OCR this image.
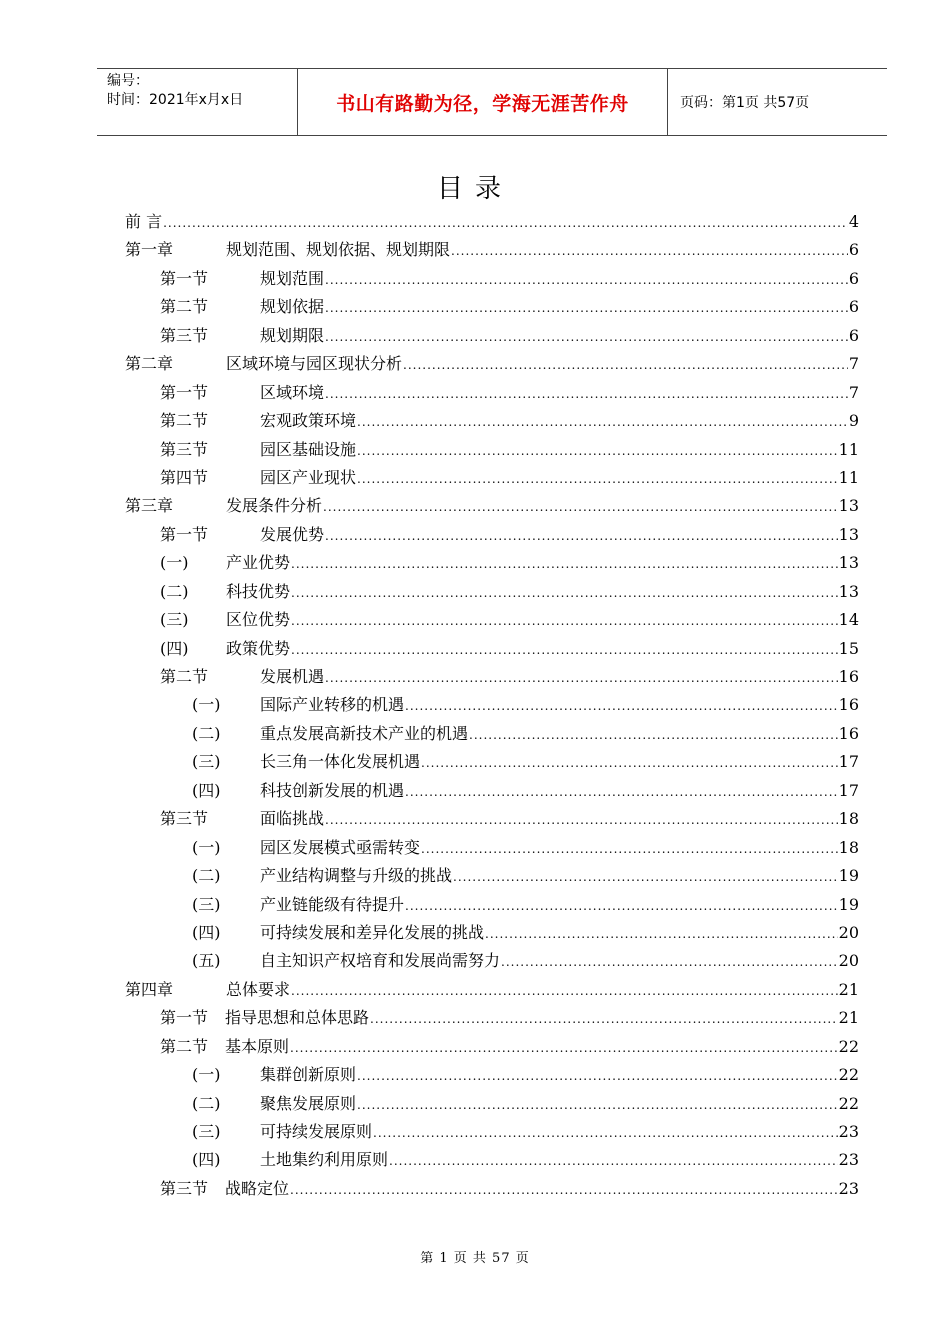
编号：
时间：2021年x月x日	书山有路勤为径，学海无涯苦作舟	页码：第1页 共57页
目录
前 言 .....	4
第一章	规划范围、规划依据、规划期限 .....	6
第一节	规划范围 .....	6
第二节	规划依据 .....	6
第三节	规划期限 .....	6
第二章	区域环境与园区现状分析 .....	7
第一节	区域环境 .....	7
第二节	宏观政策环境 .....	9
第三节	园区基础设施 .....	11
第四节	园区产业现状 .....	11
第三章	发展条件分析 .....	13
第一节	发展优势 .....	13
(一)	产业优势 .....	13
(二)	科技优势 .....	13
(三)	区位优势 .....	14
(四)	政策优势 .....	15
第二节	发展机遇 .....	16
(一)	国际产业转移的机遇 .....	16
(二)	重点发展高新技术产业的机遇 .....	16
(三)	长三角一体化发展机遇 .....	17
(四)	科技创新发展的机遇 .....	17
第三节	面临挑战 .....	18
(一)	园区发展模式亟需转变 .....	18
(二)	产业结构调整与升级的挑战 .....	19
(三)	产业链能级有待提升 .....	19
(四)	可持续发展和差异化发展的挑战 .....	20
(五)	自主知识产权培育和发展尚需努力 .....	20
第四章	总体要求 .....	21
第一节	指导思想和总体思路 .....	21
第二节	基本原则 .....	22
(一)	集群创新原则 .....	22
(二)	聚焦发展原则 .....	22
(三)	可持续发展原则 .....	23
(四)	土地集约利用原则 .....	23
第三节	战略定位 .....	23
第 1 页 共 57 页
